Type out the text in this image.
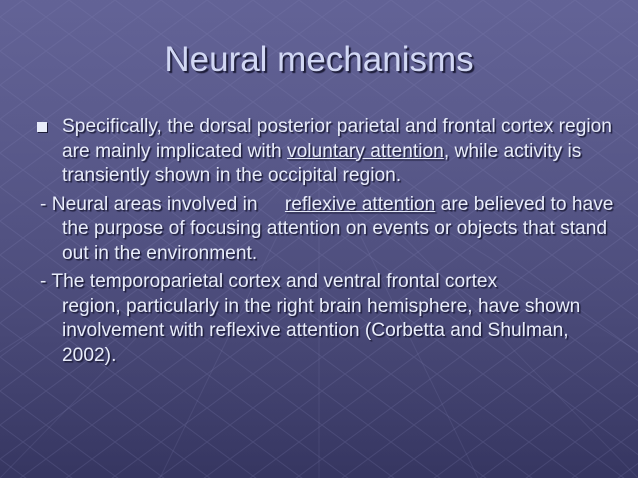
Neural mechanisms

Specifically, the dorsal posterior parietal and frontal cortex region are mainly implicated with voluntary attention, while activity is transiently shown in the occipital region.

- Neural areas involved in reflexive attention are believed to have the purpose of focusing attention on events or objects that stand out in the environment.

- The temporoparietal cortex and ventral frontal cortex
region, particularly in the right brain hemisphere, have shown involvement with reflexive attention (Corbetta and Shulman, 2002).
